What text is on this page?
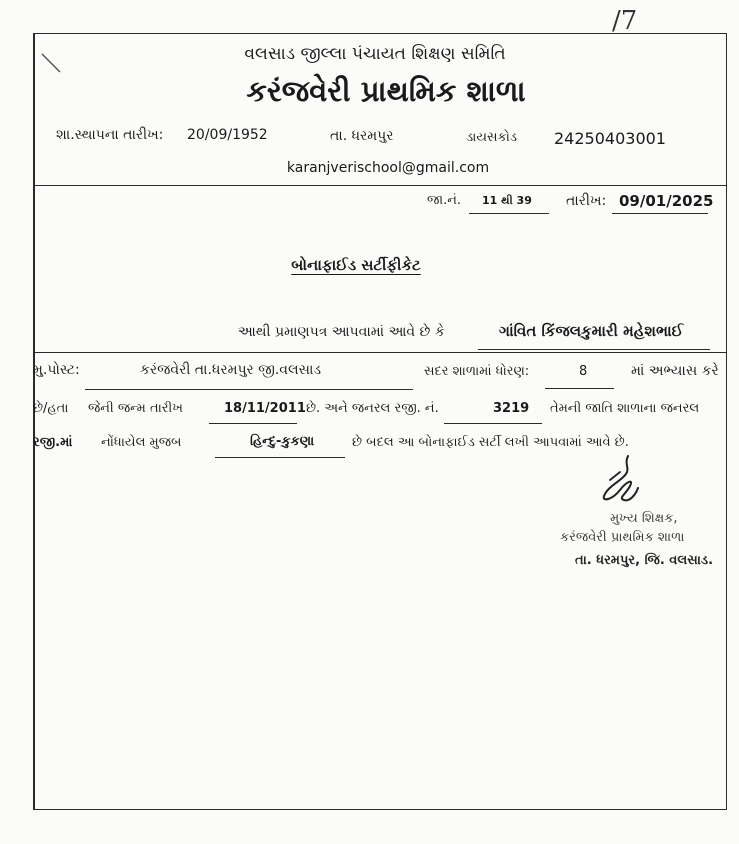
/7
વલસાડ જીલ્લા પંચાયત શિક્ષણ સમિતિ
કરંજવેરી પ્રાથમિક શાળા
શા.સ્થાપના તારીખ: 20/09/1952	તા. ધરમપુર	ડાયસકોડ 24250403001
karanjverischool@gmail.com
જા.નં. 11 થી 39 તારીખ: 09/01/2025
બોનાફાઈડ સર્ટીફીકેટ
આથી પ્રમાણપત્ર આપવામાં આવે છે કે	ગાંવિત કિંજલકુમારી મહેશભાઈ
મુ.પોસ્ટ:	કરંજવેરી તા.ધરમપુર જી.વલસાડ	સદર શાળામાં ધોરણ:	8	માં અભ્યાસ કરે
છે/હતા જેની જન્મ તારીખ	18/11/2011 છે. અને જનરલ રજી. નં.	3219 તેમની જાતિ શાળાના જનરલ
રજી.માં નોંધાયેલ મુજબ	હિન્દુ-કુકણા	છે બદલ આ બોનાફાઈડ સર્ટી લખી આપવામાં આવે છે.
મુખ્ય શિક્ષક,
કરંજવેરી પ્રાથમિક શાળા
તા. ધરમપુર, જિ. વલસાડ.
